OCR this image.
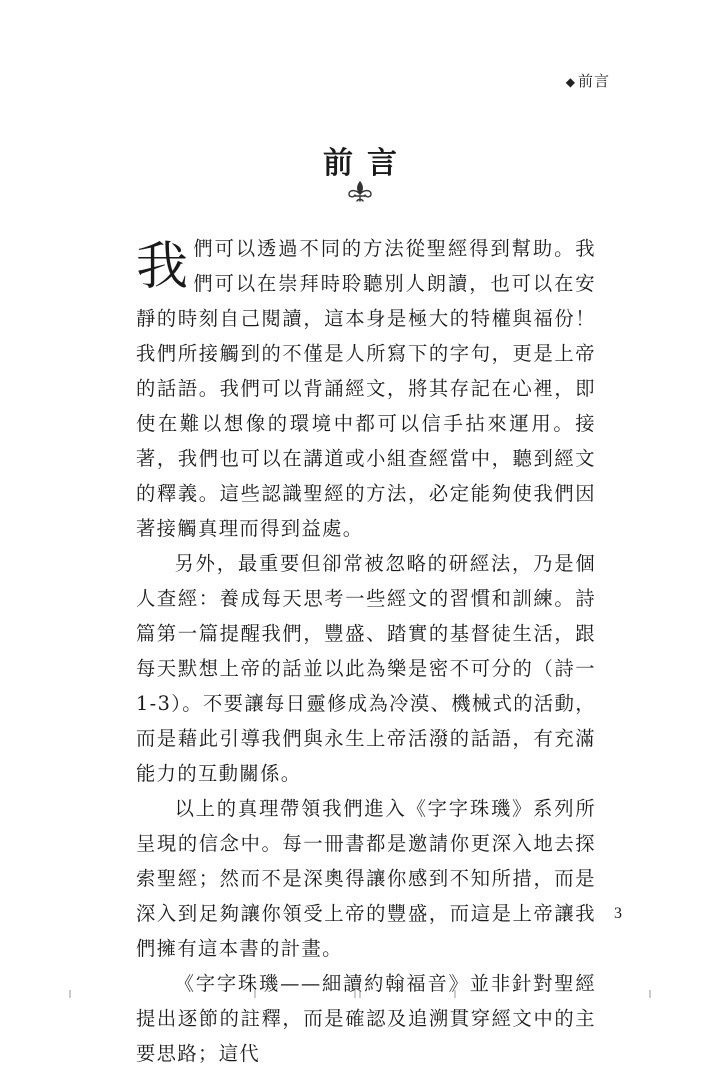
◆ 前言
前言

我們可以透過不同的方法從聖經得到幫助。我們可以在崇拜時聆聽別人朗讀，也可以在安靜的時刻自己閱讀，這本身是極大的特權與福份！我們所接觸到的不僅是人所寫下的字句，更是上帝的話語。我們可以背誦經文，將其存記在心裡，即使在難以想像的環境中都可以信手拈來運用。接著，我們也可以在講道或小組查經當中，聽到經文的釋義。這些認識聖經的方法，必定能夠使我們因著接觸真理而得到益處。

另外，最重要但卻常被忽略的研經法，乃是個人查經：養成每天思考一些經文的習慣和訓練。詩篇第一篇提醒我們，豐盛、踏實的基督徒生活，跟每天默想上帝的話並以此為樂是密不可分的（詩一1-3）。不要讓每日靈修成為冷漠、機械式的活動，而是藉此引導我們與永生上帝活潑的話語，有充滿能力的互動關係。

以上的真理帶領我們進入《字字珠璣》系列所呈現的信念中。每一冊書都是邀請你更深入地去探索聖經；然而不是深奧得讓你感到不知所措，而是深入到足夠讓你領受上帝的豐盛，而這是上帝讓我們擁有這本書的計畫。

《字字珠璣——細讀約翰福音》並非針對聖經提出逐節的註釋，而是確認及追溯貫穿經文中的主要思路；這代

3
